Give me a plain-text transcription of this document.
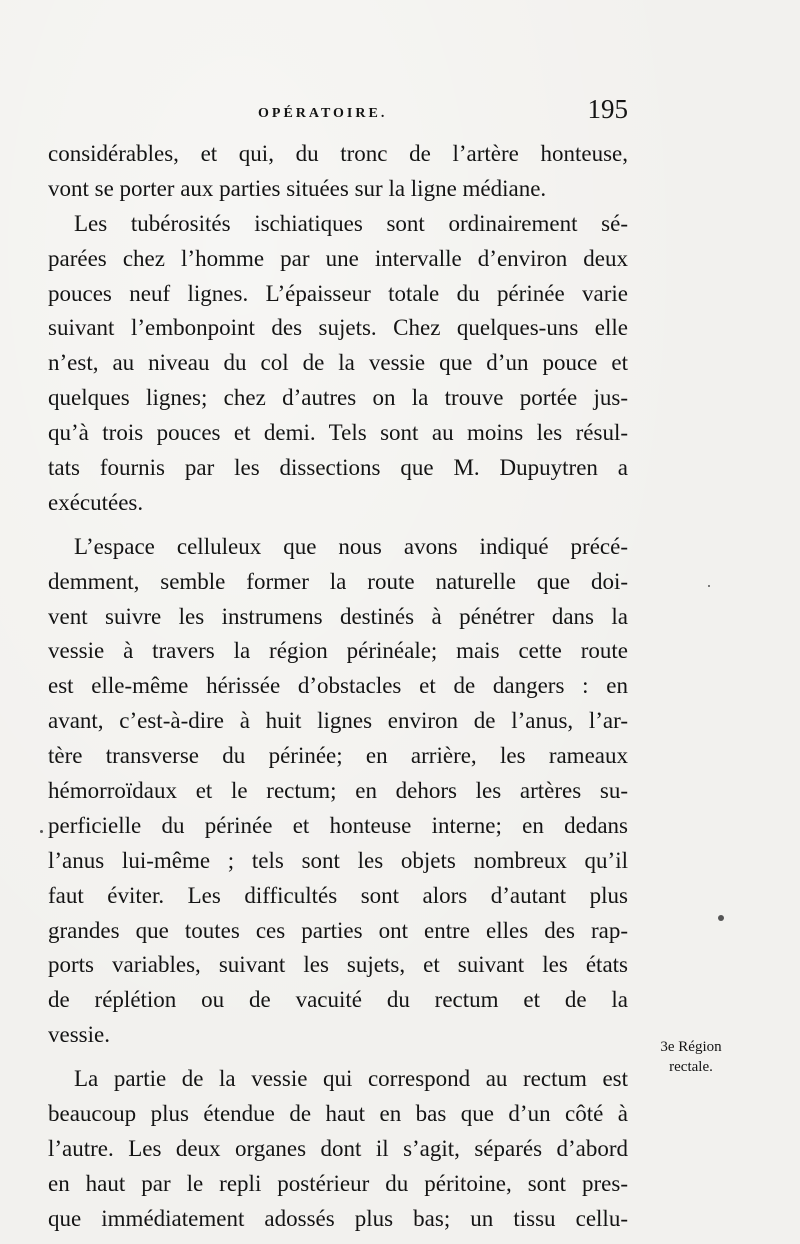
OPÉRATOIRE.	195
considérables, et qui, du tronc de l’artère honteuse,
vont se porter aux parties situées sur la ligne médiane.
Les tubérosités ischiatiques sont ordinairement sé-
parées chez l’homme par une intervalle d’environ deux
pouces neuf lignes. L’épaisseur totale du périnée varie
suivant l’embonpoint des sujets. Chez quelques-uns elle
n’est, au niveau du col de la vessie que d’un pouce et
quelques lignes; chez d’autres on la trouve portée jus-
qu’à trois pouces et demi. Tels sont au moins les résul-
tats fournis par les dissections que M. Dupuytren a
exécutées.
L’espace celluleux que nous avons indiqué précé-
demment, semble former la route naturelle que doi-
vent suivre les instrumens destinés à pénétrer dans la
vessie à travers la région périnéale; mais cette route
est elle-même hérissée d’obstacles et de dangers : en
avant, c’est-à-dire à huit lignes environ de l’anus, l’ar-
tère transverse du périnée; en arrière, les rameaux
hémorroïdaux et le rectum; en dehors les artères su-
perficielle du périnée et honteuse interne; en dedans
l’anus lui-même ; tels sont les objets nombreux qu’il
faut éviter. Les difficultés sont alors d’autant plus
grandes que toutes ces parties ont entre elles des rap-
ports variables, suivant les sujets, et suivant les états
de réplétion ou de vacuité du rectum et de la
vessie.
La partie de la vessie qui correspond au rectum est
beaucoup plus étendue de haut en bas que d’un côté à
l’autre. Les deux organes dont il s’agit, séparés d’abord
en haut par le repli postérieur du péritoine, sont pres-
que immédiatement adossés plus bas; un tissu cellu-
3e Région
rectale.
